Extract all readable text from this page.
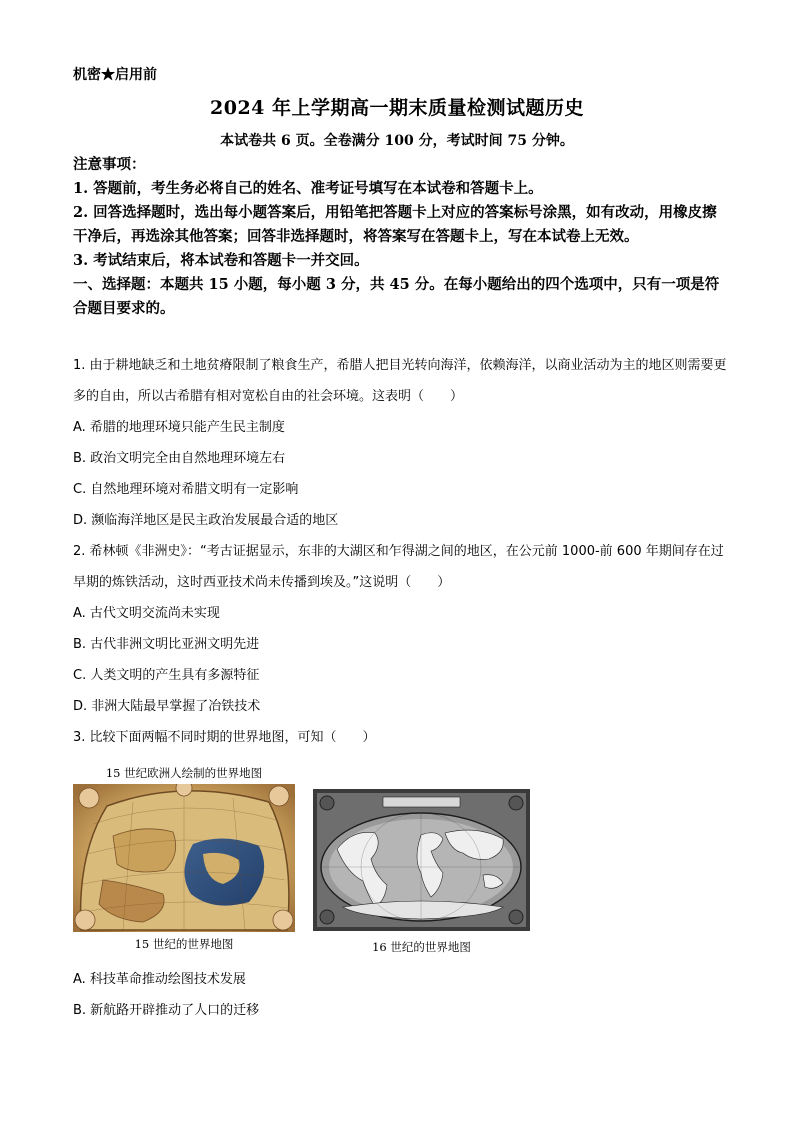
机密★启用前
2024 年上学期高一期末质量检测试题历史
本试卷共 6 页。全卷满分 100 分，考试时间 75 分钟。

注意事项：

1. 答题前，考生务必将自己的姓名、准考证号填写在本试卷和答题卡上。

2. 回答选择题时，选出每小题答案后，用铅笔把答题卡上对应的答案标号涂黑，如有改动，用橡皮擦干净后，再选涂其他答案；回答非选择题时，将答案写在答题卡上，写在本试卷上无效。

3. 考试结束后，将本试卷和答题卡一并交回。

一、选择题：本题共 15 小题，每小题 3 分，共 45 分。在每小题给出的四个选项中，只有一项是符合题目要求的。

1. 由于耕地缺乏和土地贫瘠限制了粮食生产，希腊人把目光转向海洋，依赖海洋，以商业活动为主的地区则需要更多的自由，所以古希腊有相对宽松自由的社会环境。这表明（　　）

A. 希腊的地理环境只能产生民主制度

B. 政治文明完全由自然地理环境左右

C. 自然地理环境对希腊文明有一定影响

D. 濒临海洋地区是民主政治发展最合适的地区

2. 希林顿《非洲史》：“考古证据显示，东非的大湖区和乍得湖之间的地区，在公元前 1000-前 600 年期间存在过早期的炼铁活动，这时西亚技术尚未传播到埃及。”这说明（　　）

A. 古代文明交流尚未实现

B. 古代非洲文明比亚洲文明先进

C. 人类文明的产生具有多源特征

D. 非洲大陆最早掌握了冶铁技术

3. 比较下面两幅不同时期的世界地图，可知（　　）

15 世纪欧洲人绘制的世界地图
15 世纪的世界地图	16 世纪的世界地图

A. 科技革命推动绘图技术发展

B. 新航路开辟推动了人口的迁移
